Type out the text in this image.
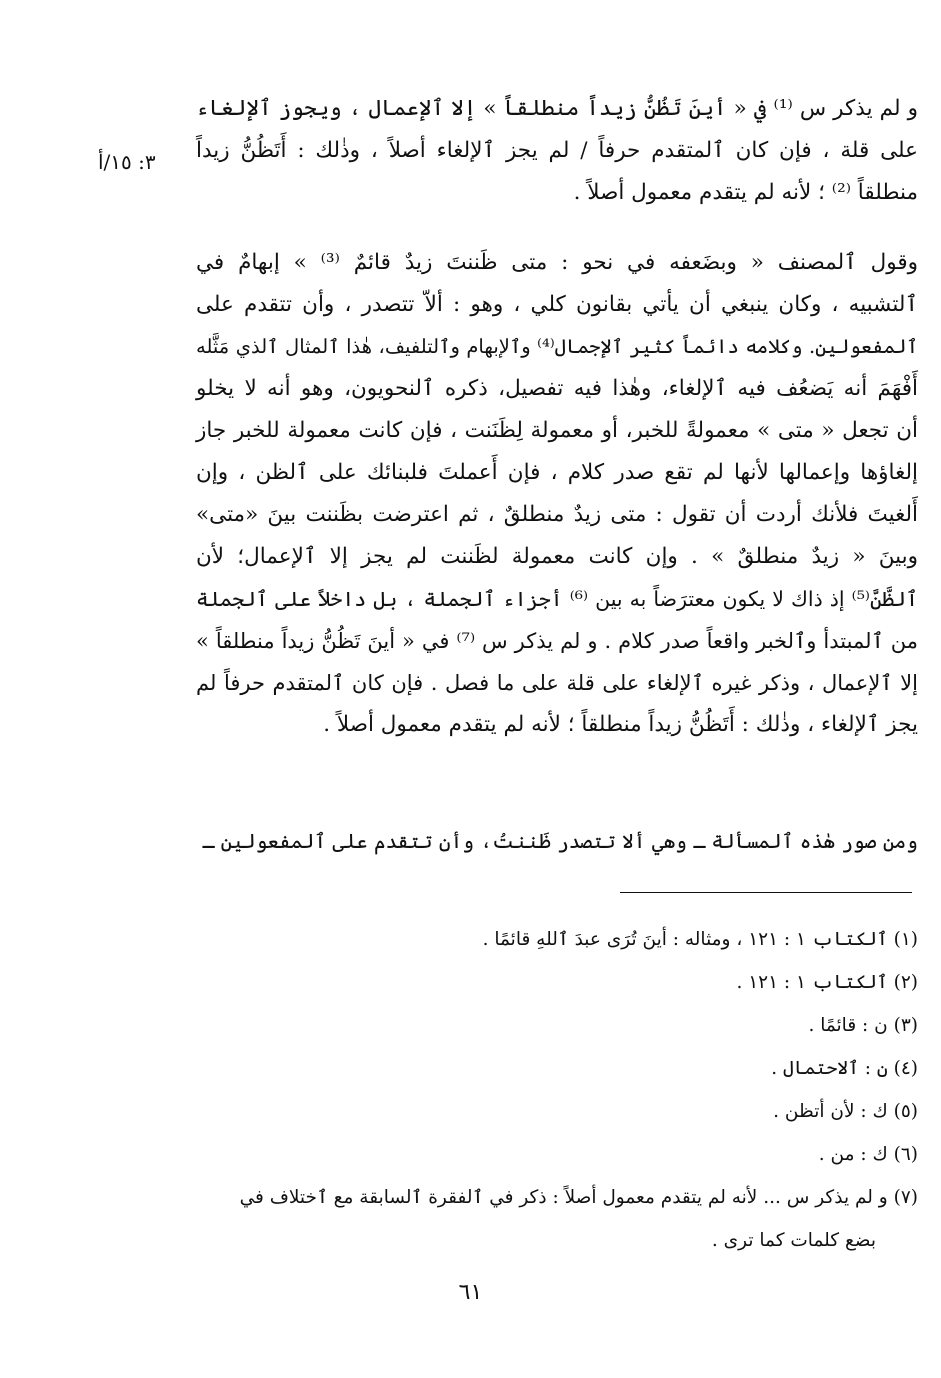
٣: ١٥/أ
و لم يذكر س ⁽¹⁾ في « أينَ تَظُنُّ زيداً منطلقاً » إلا ٱلإعمال ، ويجوز ٱلإلغاء
على قلة ، فإن كان ٱلمتقدم حرفاً / لم يجز ٱلإلغاء أصلاً ، وذٰلك : أَتَظُنُّ زيداً
منطلقاً ⁽²⁾ ؛ لأنه لم يتقدم معمول أصلاً .
وقول ٱلمصنف « وبضَعفه في نحو : متى ظَننتَ زيدٌ قائمٌ ⁽³⁾ » إبهامٌ في
ٱلتشبيه ، وكان ينبغي أن يأتي بقانون كلي ، وهو : ألاّ تتصدر ، وأن تتقدم على
ٱلمفعولين. وكلامه دائماً كثير ٱلإجمال⁽⁴⁾ وٱلإبهام وٱلتلفيف، هٰذا ٱلمثال ٱلذي مَثَّله
أَفْهَمَ أنه يَضعُف فيه ٱلإلغاء، وهٰذا فيه تفصيل، ذكره ٱلنحويون، وهو أنه لا يخلو
أن تجعل « متى » معمولةً للخبر، أو معمولة لِظَنَنت ، فإن كانت معمولة للخبر جاز
إلغاؤها وإعمالها لأنها لم تقع صدر كلام ، فإن أَعملتَ فلبنائك على ٱلظن ، وإن
أَلغيتَ فلأنك أردت أن تقول : متى زيدٌ منطلقٌ ، ثم اعترضت بظَننت بينَ «متى»
وبينَ « زيدٌ منطلقٌ » . وإن كانت معمولة لظَننت لم يجز إلا ٱلإعمال؛ لأن
ٱلظَّنَّ⁽⁵⁾ إذ ذاك لا يكون معترَضاً به بين ⁽⁶⁾ أجزاء ٱلجملة ، بل داخلاً على ٱلجملة
من ٱلمبتدأ وٱلخبر واقعاً صدر كلام . و لم يذكر س ⁽⁷⁾ في « أينَ تَظُنُّ زيداً منطلقاً »
إلا ٱلإعمال ، وذكر غيره ٱلإلغاء على قلة على ما فصل . فإن كان ٱلمتقدم حرفاً لم
يجز ٱلإلغاء ، وذٰلك : أَتَظُنُّ زيداً منطلقاً ؛ لأنه لم يتقدم معمول أصلاً .
ومن صور هٰذه ٱلمسألة ـ وهي ألا تتصدر ظَننتُ، وأن تتقدم على ٱلمفعولين ـ
(١) ٱلكتاب ١ : ١٢١ ، ومثاله : أينَ تُرَى عبدَ ٱللهِ قائمًا .
(٢) ٱلكتاب ١ : ١٢١ .
(٣) ن : قائمًا .
(٤) ن : ٱلاحتمال .
(٥) ك : لأن أتظن .
(٦) ك : من .
(٧) و لم يذكر س ... لأنه لم يتقدم معمول أصلاً : ذكر في ٱلفقرة ٱلسابقة مع ٱختلاف في
بضع كلمات كما ترى .
٦١
